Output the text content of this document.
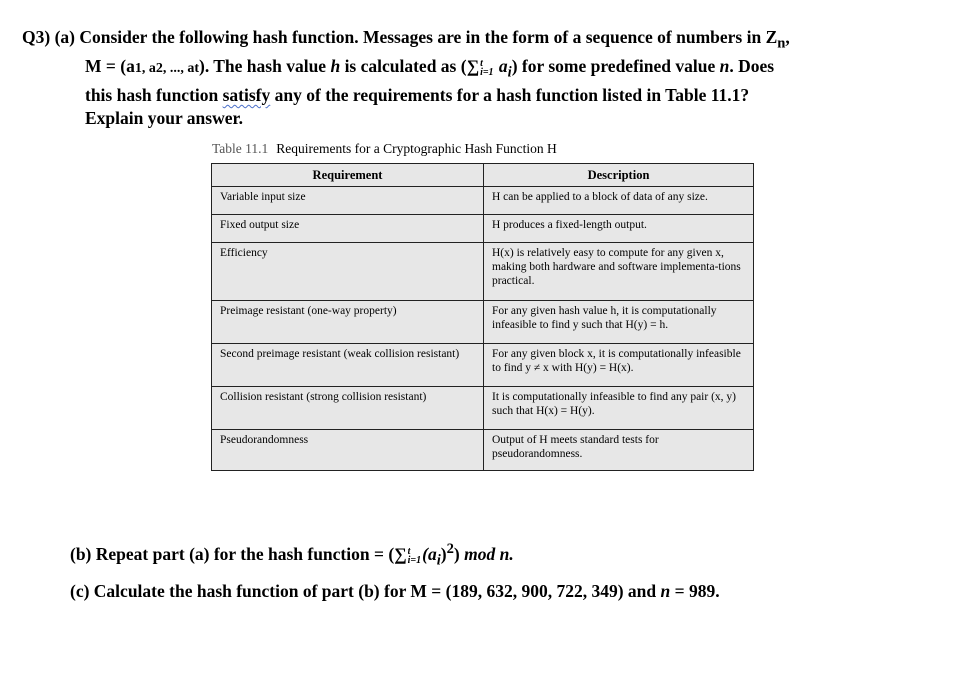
Q3) (a) Consider the following hash function. Messages are in the form of a sequence of numbers in $Z_n$,
M = (a1, a2, ..., at). The hash value h is calculated as (∑ t
i=1 $a_i$) for some predefined value n. Does
this hash function satisfy any of the requirements for a hash function listed in Table 11.1?
Explain your answer.
Table 11.1 Requirements for a Cryptographic Hash Function H
Requirement	Description
Variable input size	H can be applied to a block of data of any size.
Fixed output size	H produces a fixed-length output.
Efficiency	H(x) is relatively easy to compute for any given x, making both hardware and software implementa-tions practical.
Preimage resistant (one-way property)	For any given hash value h, it is computationally infeasible to find y such that H(y) = h.
Second preimage resistant (weak collision resistant)	For any given block x, it is computationally infeasible to find y ≠ x with H(y) = H(x).
Collision resistant (strong collision resistant)	It is computationally infeasible to find any pair (x, y) such that H(x) = H(y).
Pseudorandomness	Output of H meets standard tests for pseudorandomness.
(b) Repeat part (a) for the hash function = (∑ t
i=1 $(a_i)^2$) mod n.
(c) Calculate the hash function of part (b) for M = (189, 632, 900, 722, 349) and n = 989.
